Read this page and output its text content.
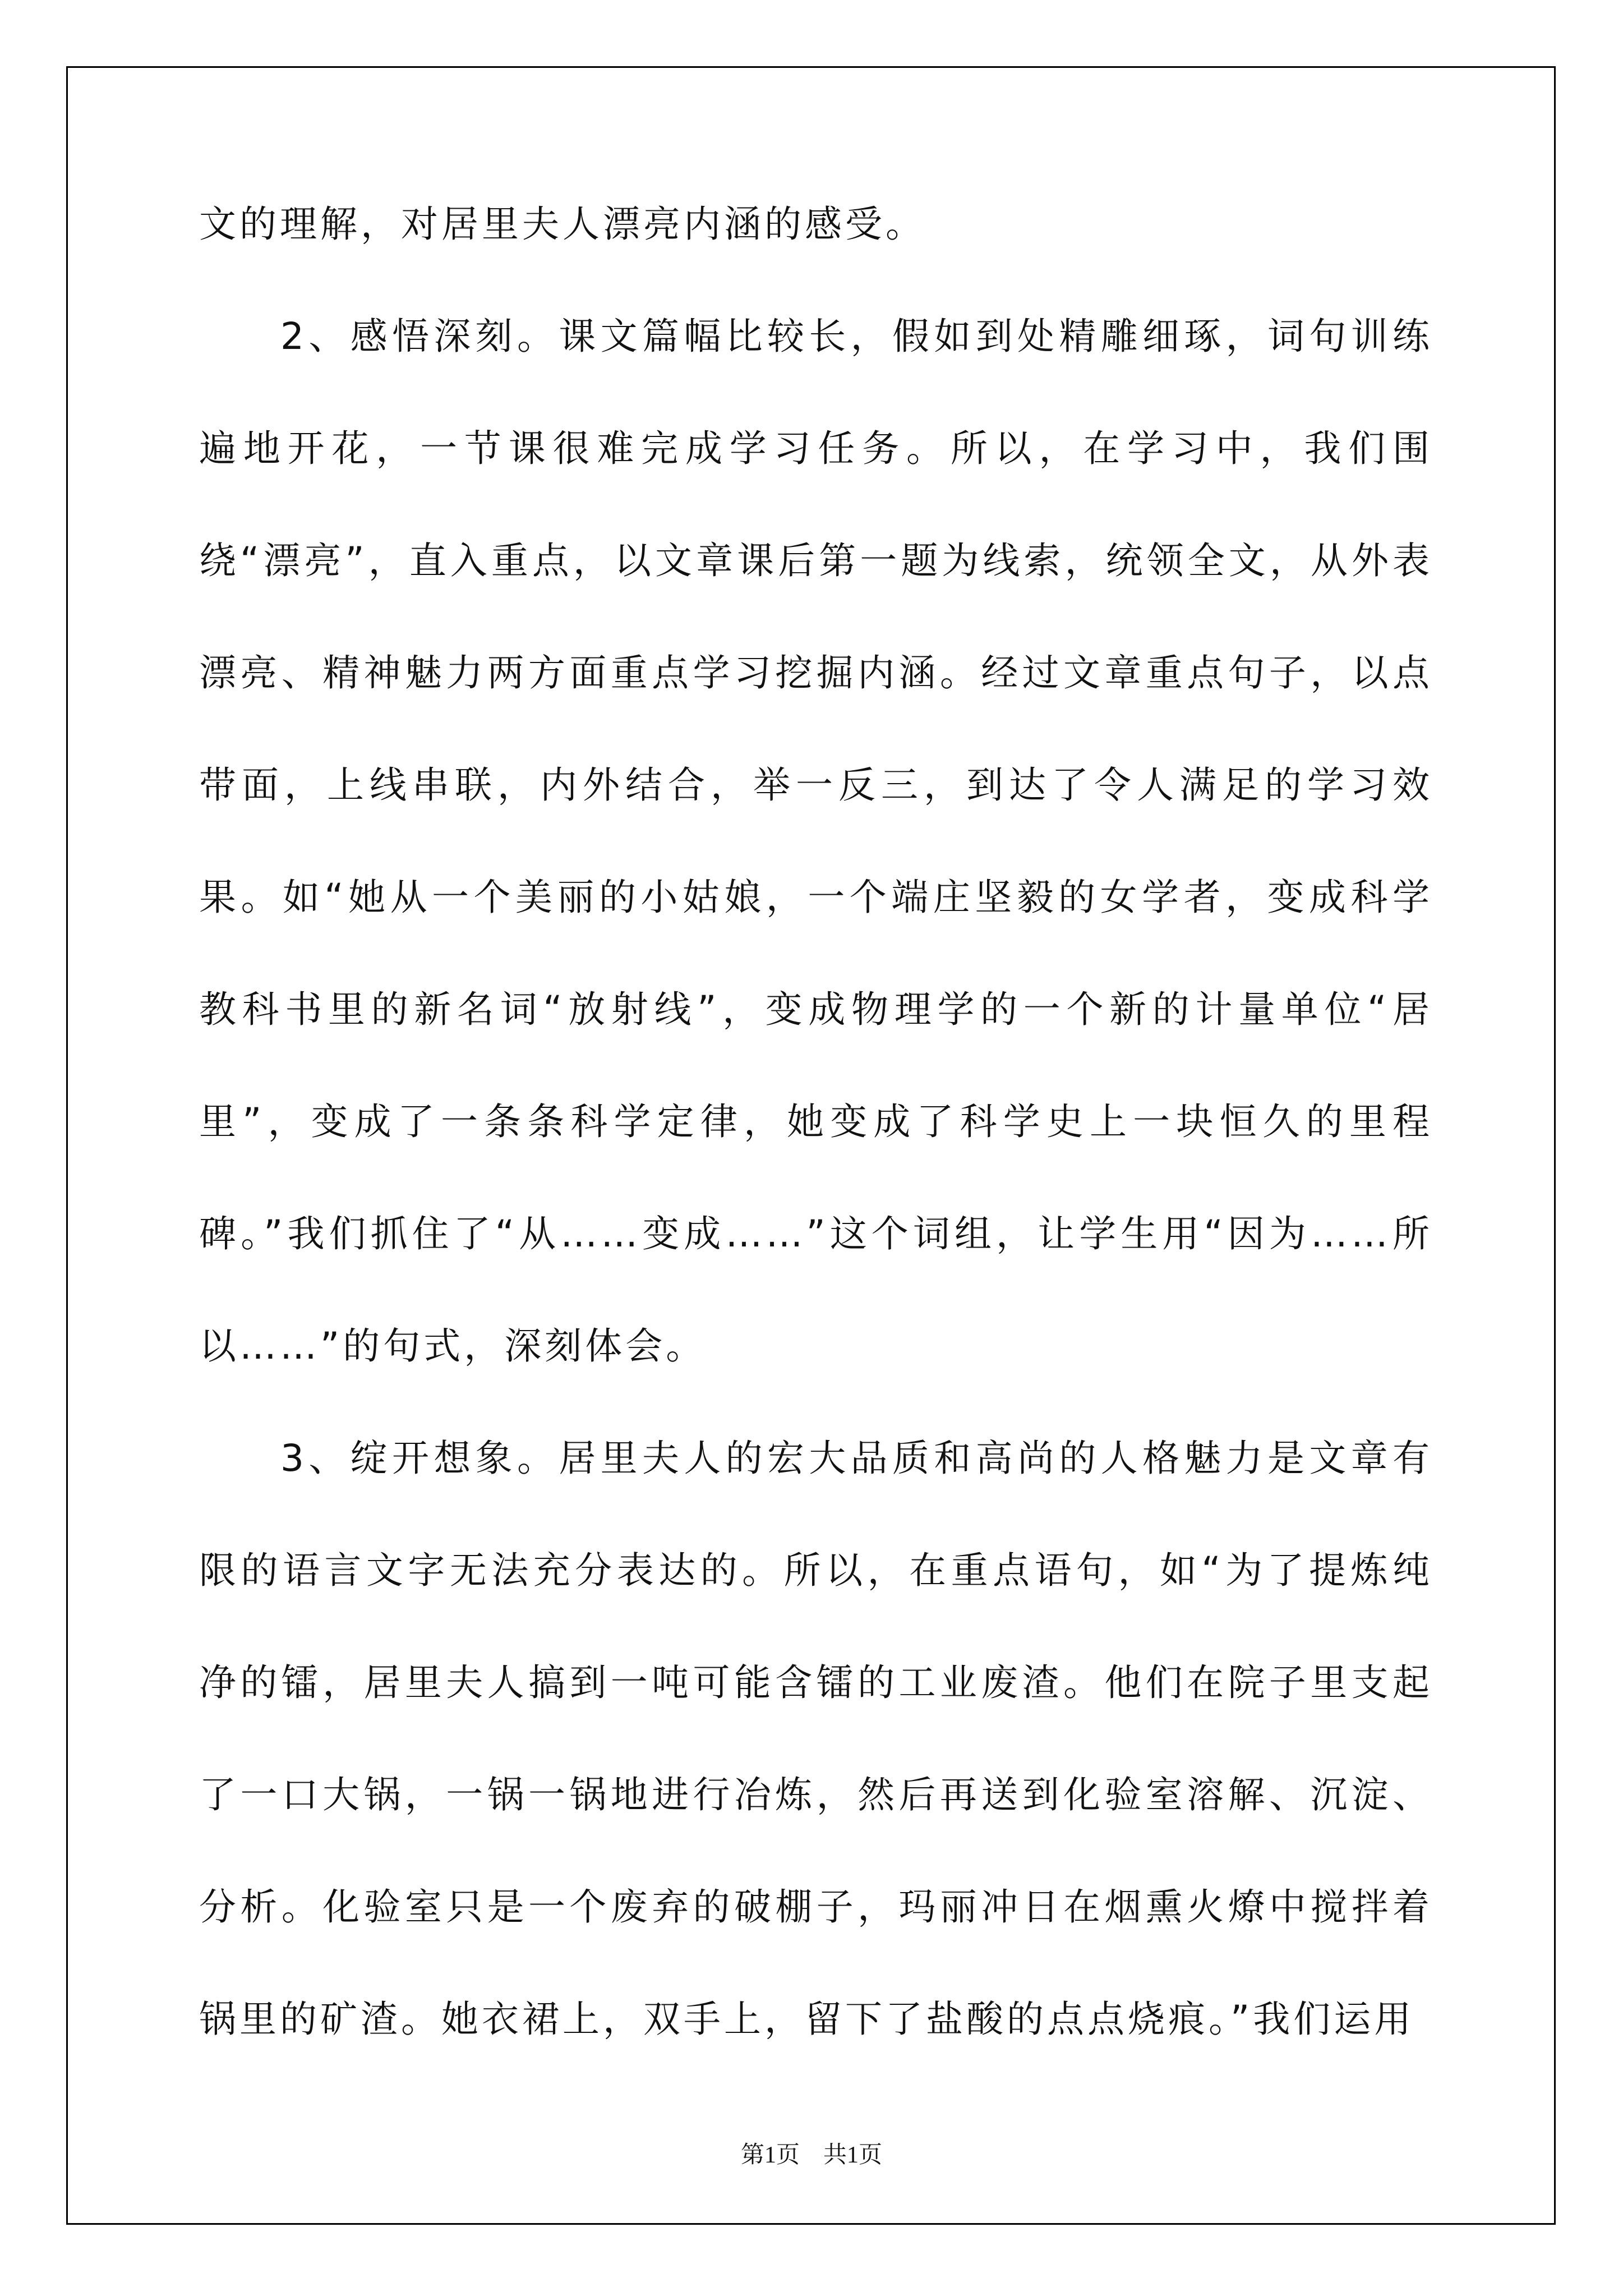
文的理解，对居里夫人漂亮内涵的感受。

2、感悟深刻。课文篇幅比较长，假如到处精雕细琢，词句训练遍地开花，一节课很难完成学习任务。所以，在学习中，我们围绕“漂亮”，直入重点，以文章课后第一题为线索，统领全文，从外表漂亮、精神魅力两方面重点学习挖掘内涵。经过文章重点句子，以点带面，上线串联，内外结合，举一反三，到达了令人满足的学习效果。如“她从一个美丽的小姑娘，一个端庄坚毅的女学者，变成科学教科书里的新名词“放射线”，变成物理学的一个新的计量单位“居里”，变成了一条条科学定律，她变成了科学史上一块恒久的里程碑。”我们抓住了“从……变成……”这个词组，让学生用“因为……所以……”的句式，深刻体会。

3、绽开想象。居里夫人的宏大品质和高尚的人格魅力是文章有限的语言文字无法充分表达的。所以，在重点语句，如“为了提炼纯净的镭，居里夫人搞到一吨可能含镭的工业废渣。他们在院子里支起了一口大锅，一锅一锅地进行冶炼，然后再送到化验室溶解、沉淀、分析。化验室只是一个废弃的破棚子，玛丽冲日在烟熏火燎中搅拌着锅里的矿渣。她衣裙上，双手上，留下了盐酸的点点烧痕。”我们运用

第1页　共1页
